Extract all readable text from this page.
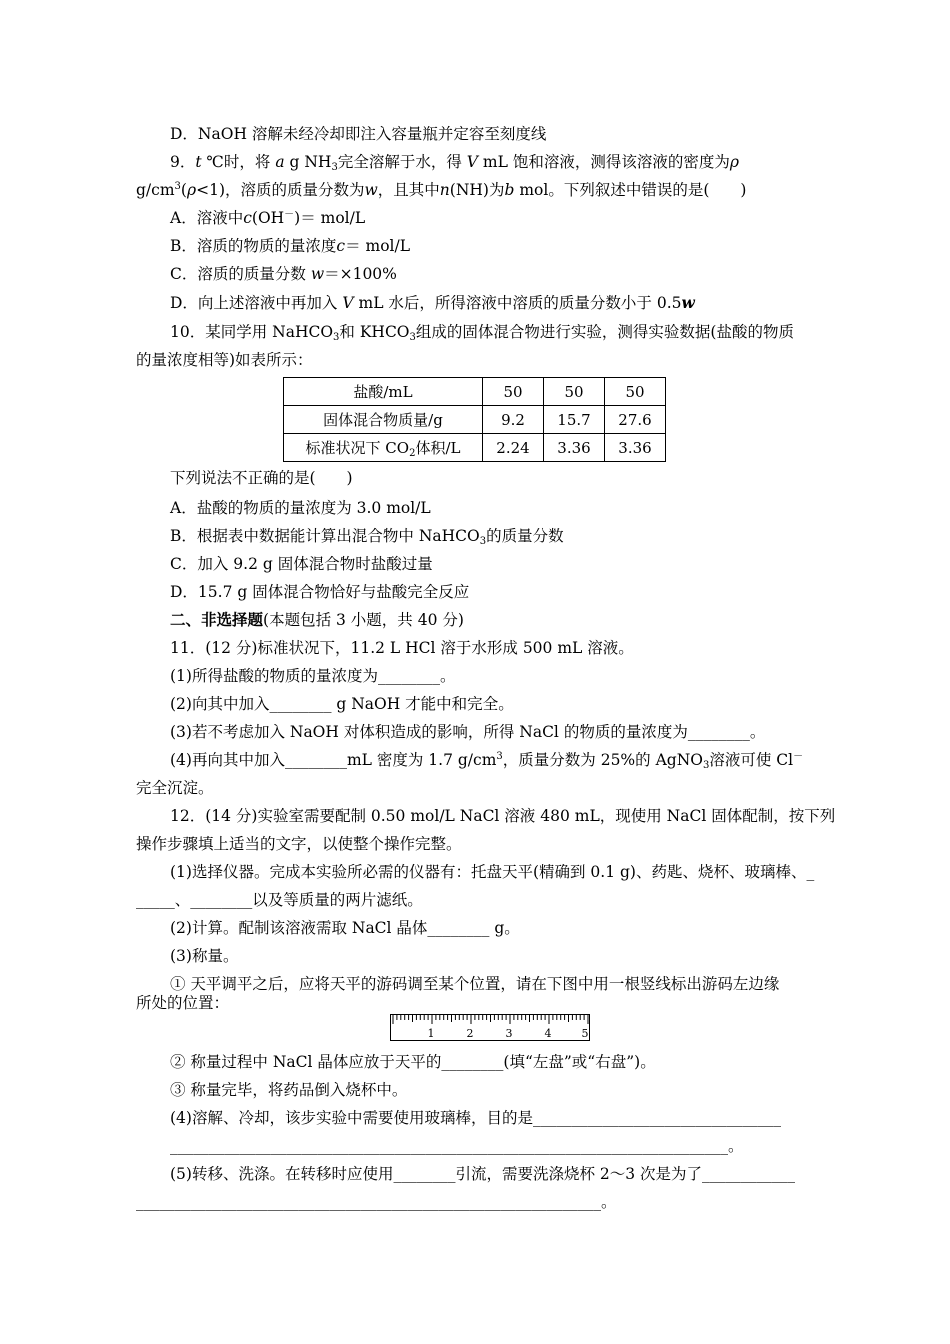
D．NaOH 溶解未经冷却即注入容量瓶并定容至刻度线
9．t ℃时，将 a g $NH_3$完全溶解于水，得 V mL 饱和溶液，测得该溶液的密度为ρ
$g/cm^3(\rho<1)$，溶质的质量分数为w，且其中n(NH)为b mol。下列叙述中错误的是(　　)
A．溶液中c(OH－)＝ mol/L
B．溶质的物质的量浓度c＝ mol/L
C．溶质的质量分数 w＝×100%
D．向上述溶液中再加入 V mL 水后，所得溶液中溶质的质量分数小于 0.5w
10．某同学用 NaHCO$_3$和 $KHCO_3$组成的固体混合物进行实验，测得实验数据(盐酸的物质
的量浓度相等)如表所示：
盐酸/mL	50	50	50
固体混合物质量/g	9.2	15.7	27.6
标准状况下 $CO_2$体积/L	2.24	3.36	3.36
下列说法不正确的是(　　)
A．盐酸的物质的量浓度为 3.0 mol/L
B．根据表中数据能计算出混合物中 NaHCO$_3$的质量分数
C．加入 9.2 g 固体混合物时盐酸过量
D．15.7 g 固体混合物恰好与盐酸完全反应
二、非选择题(本题包括 3 小题，共 40 分)
11．(12 分)标准状况下，11.2 L HCl 溶于水形成 500 mL 溶液。
(1)所得盐酸的物质的量浓度为________。
(2)向其中加入________ g NaOH 才能中和完全。
(3)若不考虑加入 NaOH 对体积造成的影响，所得 NaCl 的物质的量浓度为________。
(4)再向其中加入________mL 密度为 1.7 $g/cm^3$，质量分数为 25%的 AgNO$_3$溶液可使 Cl－
完全沉淀。
12．(14 分)实验室需要配制 0.50 mol/L NaCl 溶液 480 mL，现使用 NaCl 固体配制，按下列
操作步骤填上适当的文字，以使整个操作完整。
(1)选择仪器。完成本实验所必需的仪器有：托盘天平(精确到 0.1 g)、药匙、烧杯、玻璃棒、_
_____、________以及等质量的两片滤纸。
(2)计算。配制该溶液需取 NaCl 晶体________ g。
(3)称量。
① 天平调平之后，应将天平的游码调至某个位置，请在下图中用一根竖线标出游码左边缘
所处的位置：
1	2	3	4	5
② 称量过程中 NaCl 晶体应放于天平的________(填“左盘”或“右盘”)。
③ 称量完毕，将药品倒入烧杯中。
(4)溶解、冷却，该步实验中需要使用玻璃棒，目的是________________________________
________________________________________________________________________。
(5)转移、洗涤。在转移时应使用________引流，需要洗涤烧杯 2～3 次是为了____________
____________________________________________________________。
